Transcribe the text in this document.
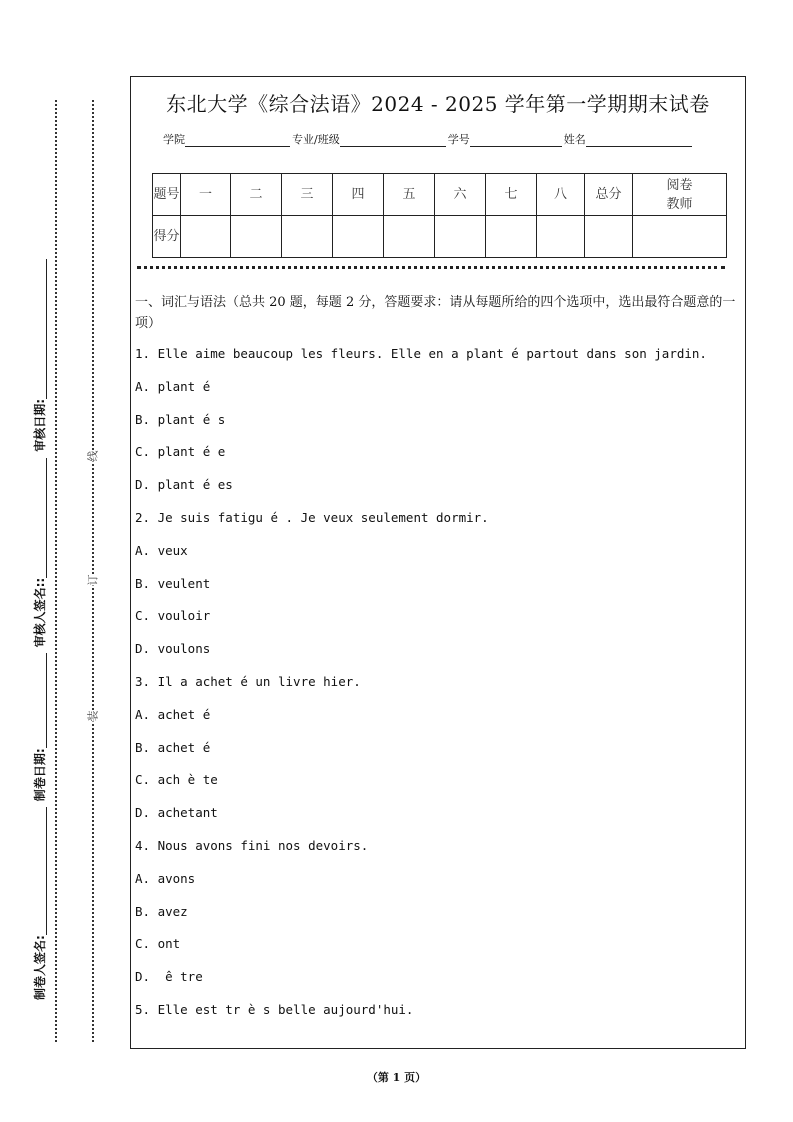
东北大学《综合法语》2024 - 2025 学年第一学期期末试卷
学院	专业/班级	学号	姓名
题号	一	二	三	四	五	六	七	八	总分	阅卷教师
得分										
一、词汇与语法（总共 20 题，每题 2 分，答题要求：请从每题所给的四个选项中，选出最符合题意的一项）
1. Elle aime beaucoup les fleurs. Elle en a plant é partout dans son jardin.
A. plant é
B. plant é s
C. plant é e
D. plant é es
2. Je suis fatigu é . Je veux seulement dormir.
A. veux
B. veulent
C. vouloir
D. voulons
3. Il a achet é un livre hier.
A. achet é
B. achet é
C. ach è te
D. achetant
4. Nous avons fini nos devoirs.
A. avons
B. avez
C. ont
D.  ê tre
5. Elle est tr è s belle aujourd'hui.
线
订
装
制卷人签名:
制卷日期:
审核人签名::
审核日期:
（第 1 页）
